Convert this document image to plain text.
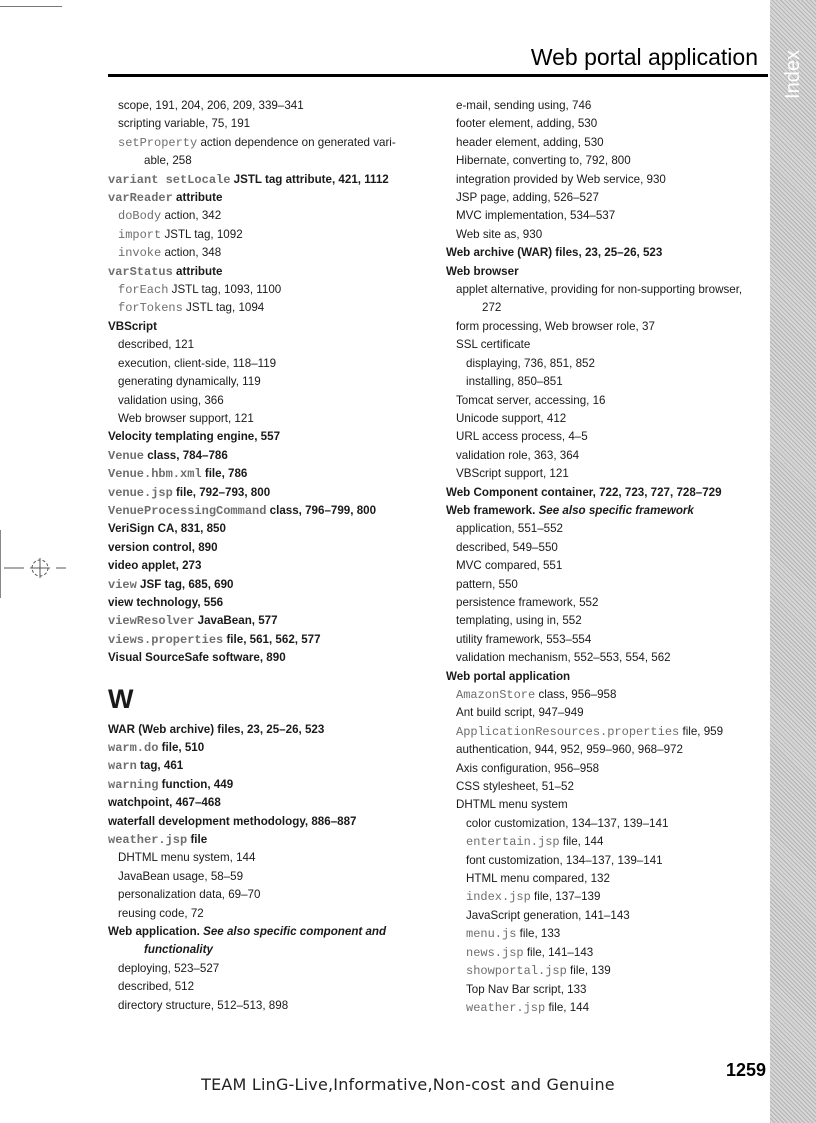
Index
Web portal application
scope, 191, 204, 206, 209, 339–341
scripting variable, 75, 191
setProperty action dependence on generated vari-
able, 258
variant setLocale JSTL tag attribute, 421, 1112
varReader attribute
doBody action, 342
import JSTL tag, 1092
invoke action, 348
varStatus attribute
forEach JSTL tag, 1093, 1100
forTokens JSTL tag, 1094
VBScript
described, 121
execution, client-side, 118–119
generating dynamically, 119
validation using, 366
Web browser support, 121
Velocity templating engine, 557
Venue class, 784–786
Venue.hbm.xml file, 786
venue.jsp file, 792–793, 800
VenueProcessingCommand class, 796–799, 800
VeriSign CA, 831, 850
version control, 890
video applet, 273
view JSF tag, 685, 690
view technology, 556
viewResolver JavaBean, 577
views.properties file, 561, 562, 577
Visual SourceSafe software, 890
W
WAR (Web archive) files, 23, 25–26, 523
warm.do file, 510
warn tag, 461
warning function, 449
watchpoint, 467–468
waterfall development methodology, 886–887
weather.jsp file
DHTML menu system, 144
JavaBean usage, 58–59
personalization data, 69–70
reusing code, 72
Web application. See also specific component and
functionality
deploying, 523–527
described, 512
directory structure, 512–513, 898
e-mail, sending using, 746
footer element, adding, 530
header element, adding, 530
Hibernate, converting to, 792, 800
integration provided by Web service, 930
JSP page, adding, 526–527
MVC implementation, 534–537
Web site as, 930
Web archive (WAR) files, 23, 25–26, 523
Web browser
applet alternative, providing for non-supporting browser,
272
form processing, Web browser role, 37
SSL certificate
displaying, 736, 851, 852
installing, 850–851
Tomcat server, accessing, 16
Unicode support, 412
URL access process, 4–5
validation role, 363, 364
VBScript support, 121
Web Component container, 722, 723, 727, 728–729
Web framework. See also specific framework
application, 551–552
described, 549–550
MVC compared, 551
pattern, 550
persistence framework, 552
templating, using in, 552
utility framework, 553–554
validation mechanism, 552–553, 554, 562
Web portal application
AmazonStore class, 956–958
Ant build script, 947–949
ApplicationResources.properties file, 959
authentication, 944, 952, 959–960, 968–972
Axis configuration, 956–958
CSS stylesheet, 51–52
DHTML menu system
color customization, 134–137, 139–141
entertain.jsp file, 144
font customization, 134–137, 139–141
HTML menu compared, 132
index.jsp file, 137–139
JavaScript generation, 141–143
menu.js file, 133
news.jsp file, 141–143
showportal.jsp file, 139
Top Nav Bar script, 133
weather.jsp file, 144
1259
TEAM LinG-Live,Informative,Non-cost and Genuine
